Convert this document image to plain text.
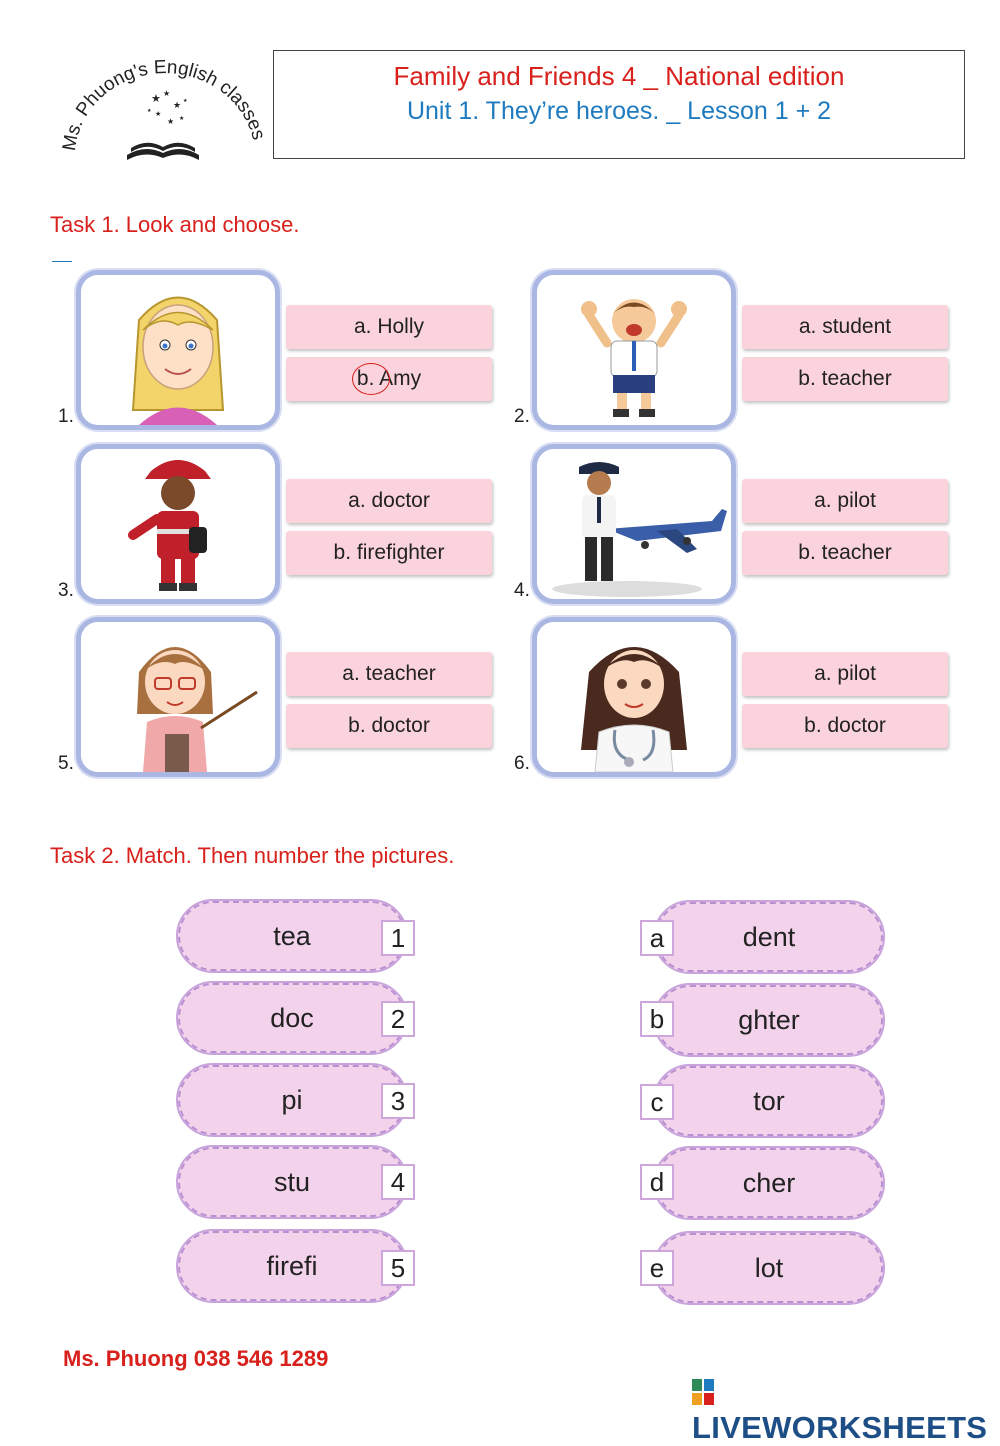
Ms. Phuong's English classes
★ ★
★
★
★ ★
★
★
Family and Friends 4 _ National edition
Unit 1. They’re heroes. _ Lesson 1 + 2
Task 1. Look and choose.
a. Holly
b. Amy
1.
a. student
b. teacher
2.
a. doctor
b. firefighter
3.
a. pilot
b. teacher
4.
a. teacher
b. doctor
5.
a. pilot
b. doctor
6.
Task 2. Match. Then number the pictures.
tea	1
doc	2
pi	3
stu	4
firefi	5
dent
a
ghter
b
tor
c
cher
d
lot
e
Ms. Phuong 038 546 1289
LIVEWORKSHEETS
